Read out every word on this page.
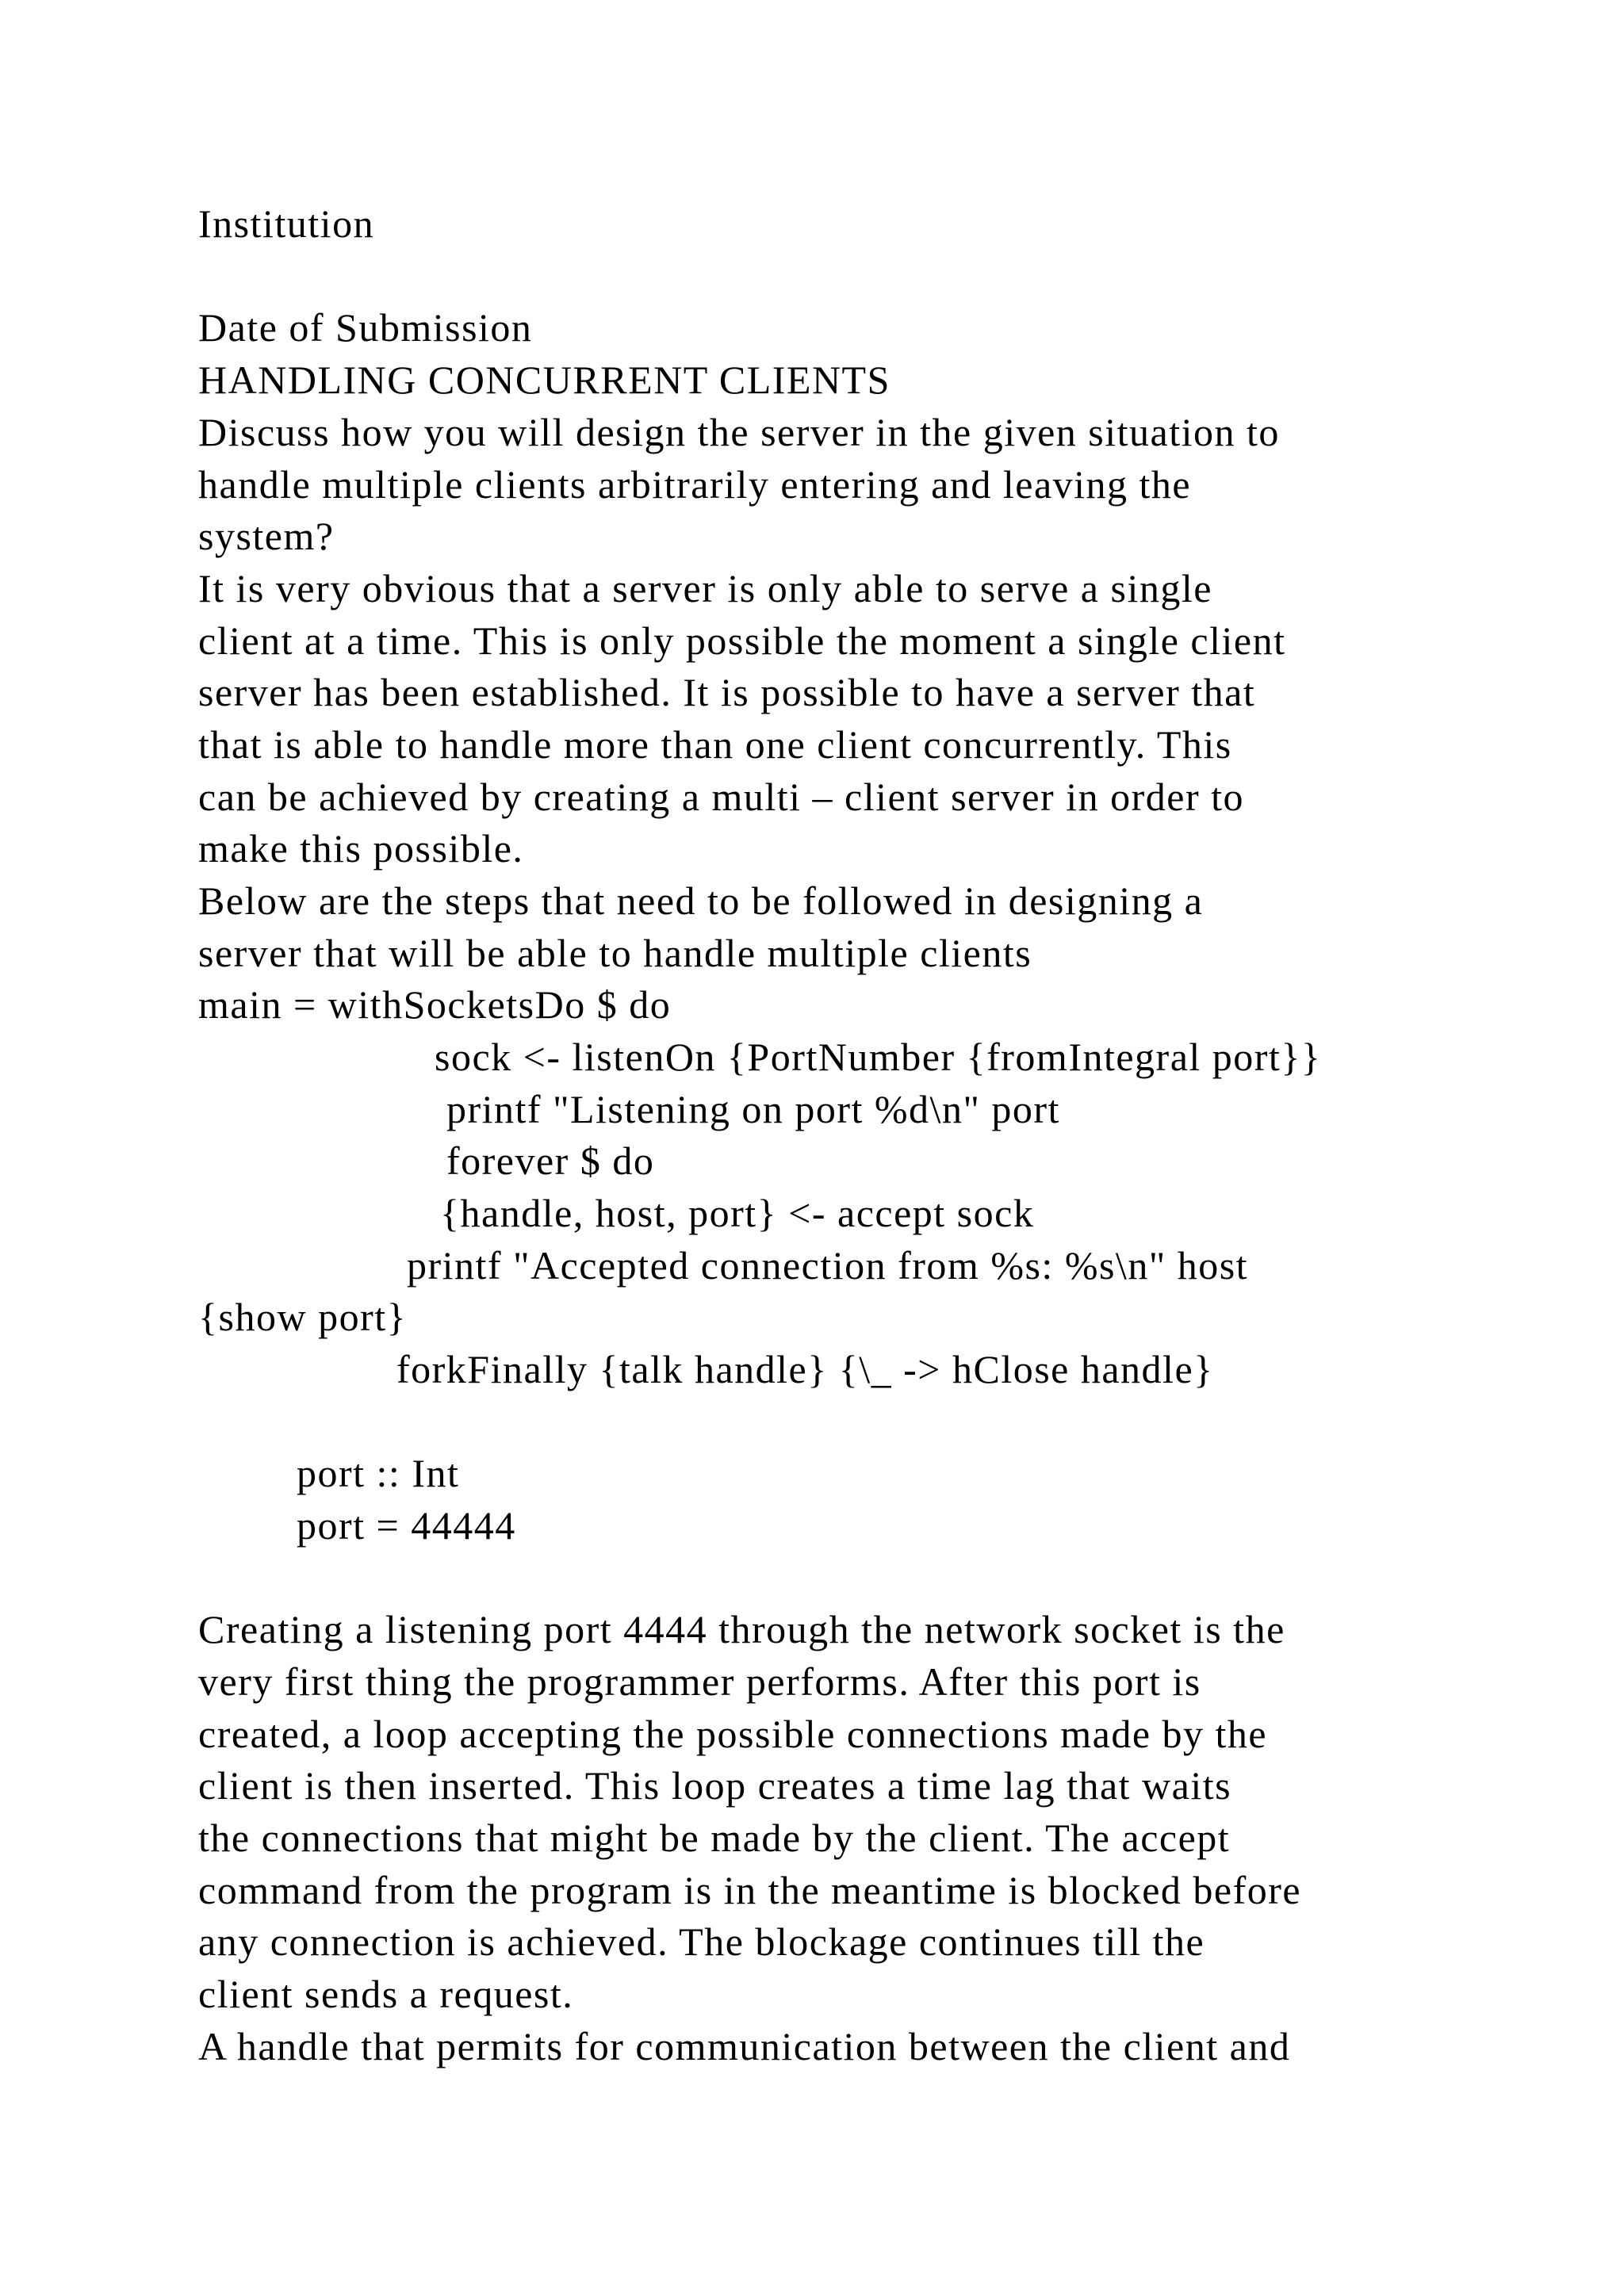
Institution

Date of Submission

HANDLING CONCURRENT CLIENTS

Discuss how you will design the server in the given situation to

handle multiple clients arbitrarily entering and leaving the

system?

It is very obvious that a server is only able to serve a single

client at a time. This is only possible the moment a single client

server has been established. It is possible to have a server that

that is able to handle more than one client concurrently. This

can be achieved by creating a multi – client server in order to

make this possible.

Below are the steps that need to be followed in designing a

server that will be able to handle multiple clients

main = withSocketsDo $ do

sock <- listenOn {PortNumber {fromIntegral port}}

printf "Listening on port %d\n" port

forever $ do

{handle, host, port} <- accept sock

printf "Accepted connection from %s: %s\n" host

{show port}

forkFinally {talk handle} {\_ -> hClose handle}

port :: Int

port = 44444

Creating a listening port 4444 through the network socket is the

very first thing the programmer performs. After this port is

created, a loop accepting the possible connections made by the

client is then inserted. This loop creates a time lag that waits

the connections that might be made by the client. The accept

command from the program is in the meantime is blocked before

any connection is achieved. The blockage continues till the

client sends a request.

A handle that permits for communication between the client and
